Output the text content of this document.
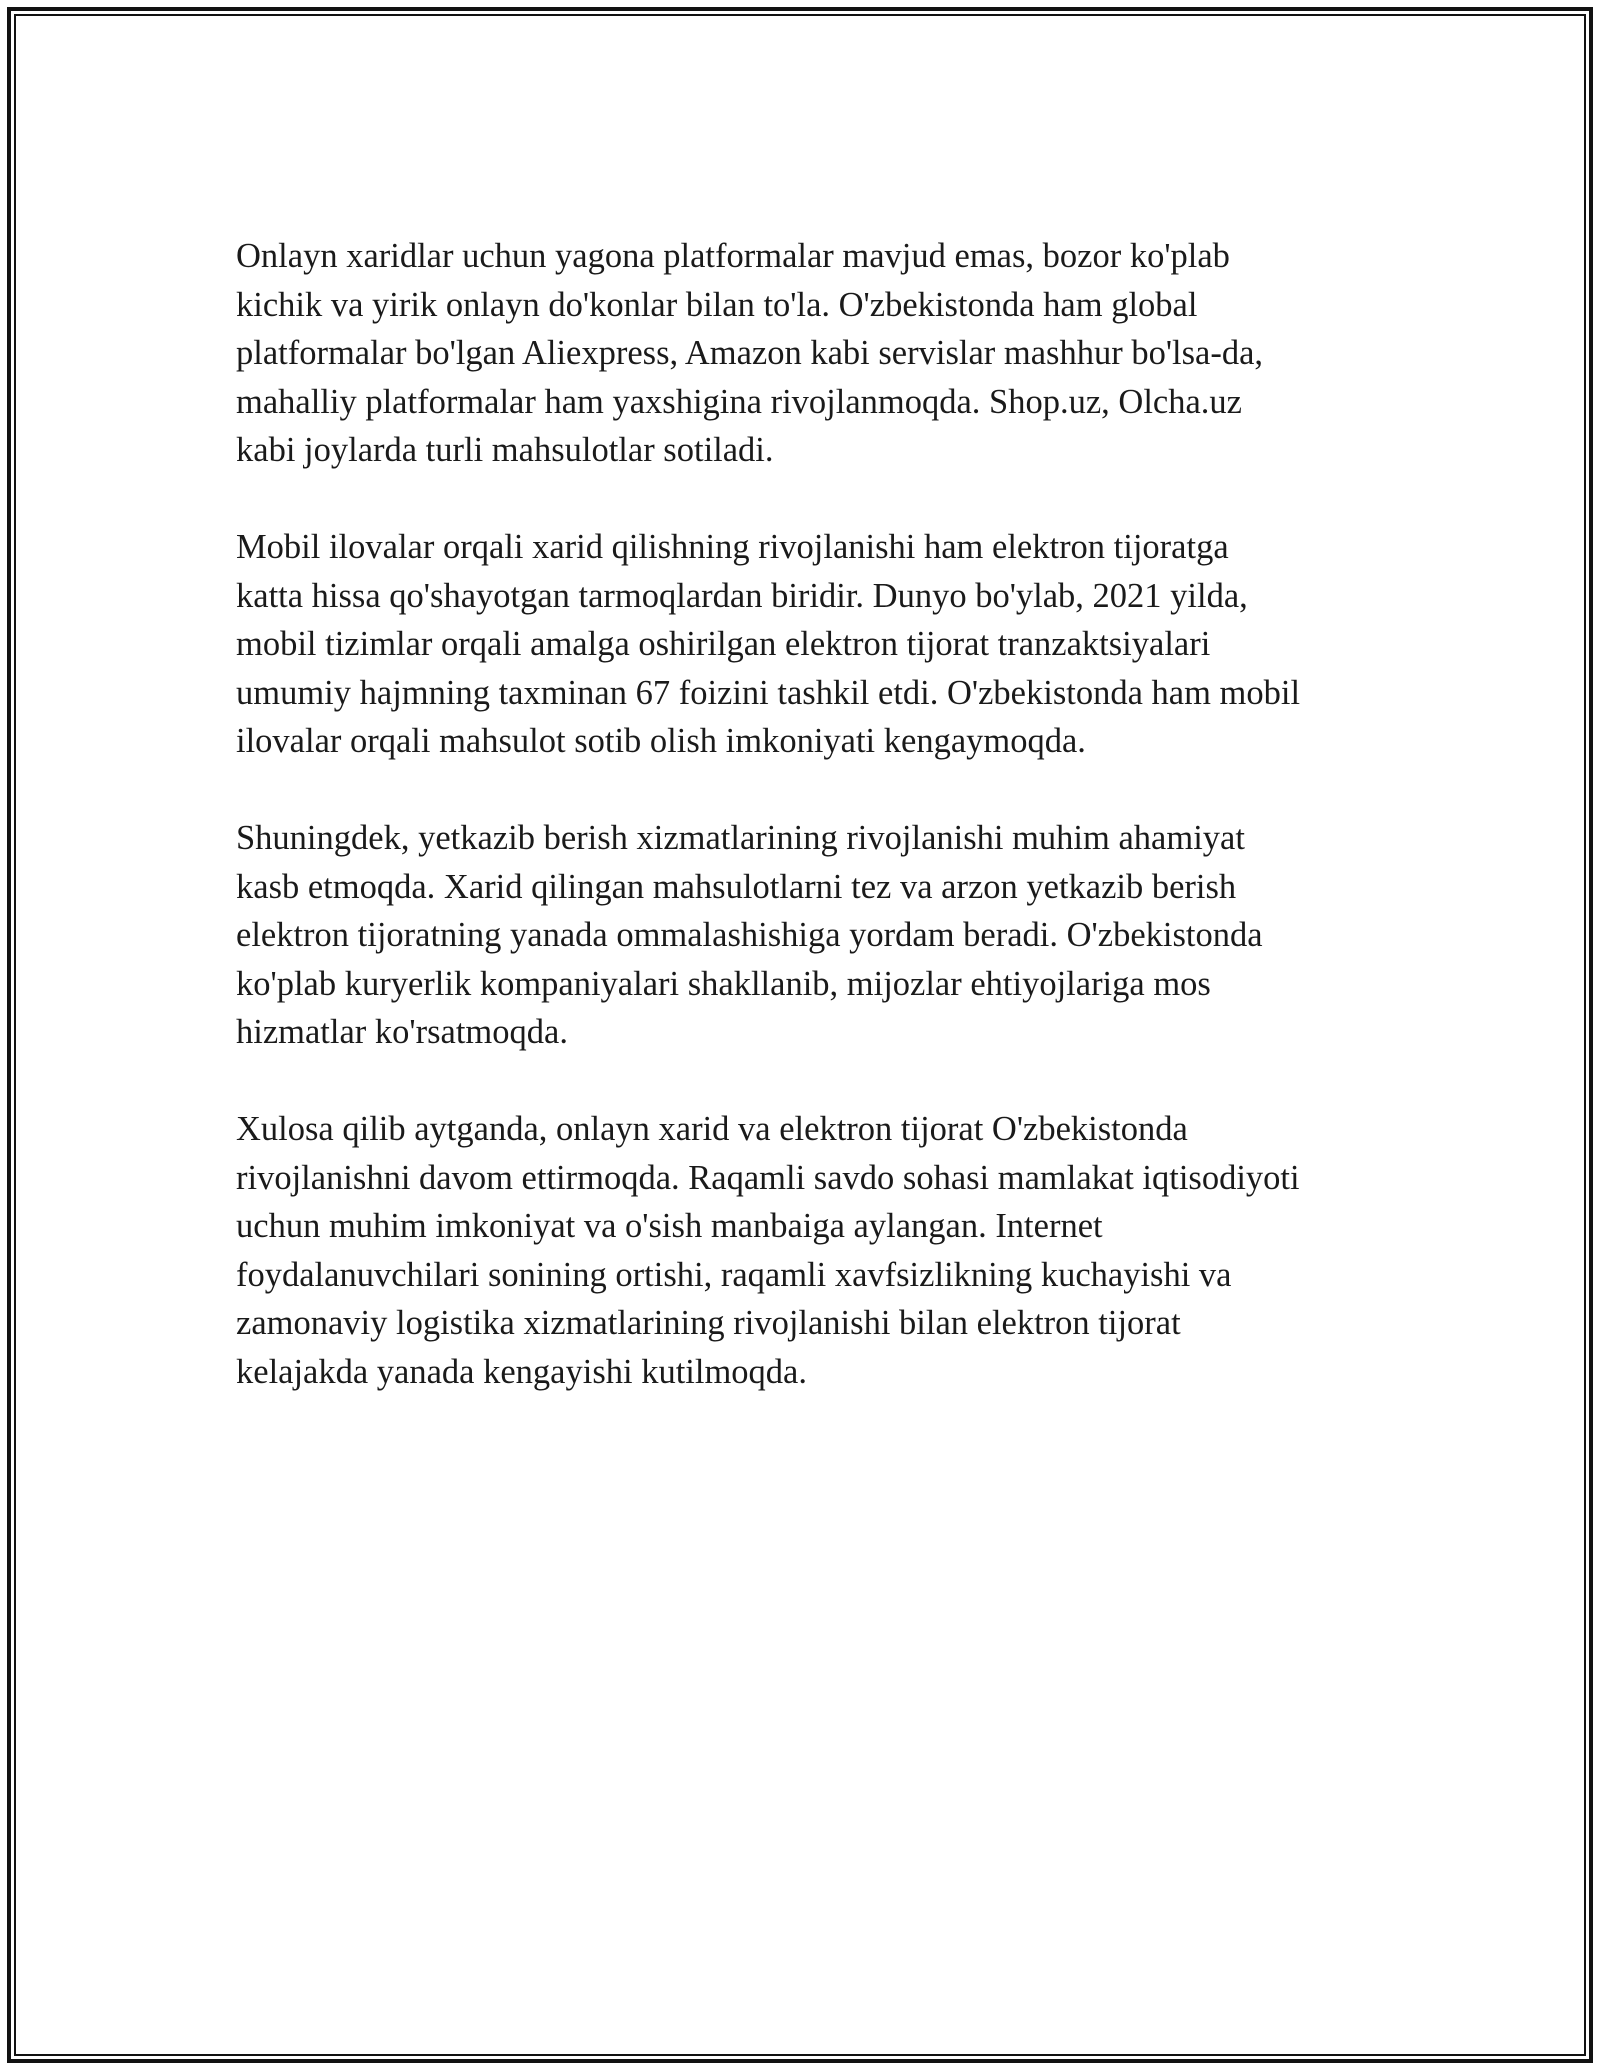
Onlayn xaridlar uchun yagona platformalar mavjud emas, bozor ko'plab
kichik va yirik onlayn do'konlar bilan to'la. O'zbekistonda ham global
platformalar bo'lgan Aliexpress, Amazon kabi servislar mashhur bo'lsa-da,
mahalliy platformalar ham yaxshigina rivojlanmoqda. Shop.uz, Olcha.uz
kabi joylarda turli mahsulotlar sotiladi.

Mobil ilovalar orqali xarid qilishning rivojlanishi ham elektron tijoratga
katta hissa qo'shayotgan tarmoqlardan biridir. Dunyo bo'ylab, 2021 yilda,
mobil tizimlar orqali amalga oshirilgan elektron tijorat tranzaktsiyalari
umumiy hajmning taxminan 67 foizini tashkil etdi. O'zbekistonda ham mobil
ilovalar orqali mahsulot sotib olish imkoniyati kengaymoqda.

Shuningdek, yetkazib berish xizmatlarining rivojlanishi muhim ahamiyat
kasb etmoqda. Xarid qilingan mahsulotlarni tez va arzon yetkazib berish
elektron tijoratning yanada ommalashishiga yordam beradi. O'zbekistonda
ko'plab kuryerlik kompaniyalari shakllanib, mijozlar ehtiyojlariga mos
hizmatlar ko'rsatmoqda.

Xulosa qilib aytganda, onlayn xarid va elektron tijorat O'zbekistonda
rivojlanishni davom ettirmoqda. Raqamli savdo sohasi mamlakat iqtisodiyoti
uchun muhim imkoniyat va o'sish manbaiga aylangan. Internet
foydalanuvchilari sonining ortishi, raqamli xavfsizlikning kuchayishi va
zamonaviy logistika xizmatlarining rivojlanishi bilan elektron tijorat
kelajakda yanada kengayishi kutilmoqda.
